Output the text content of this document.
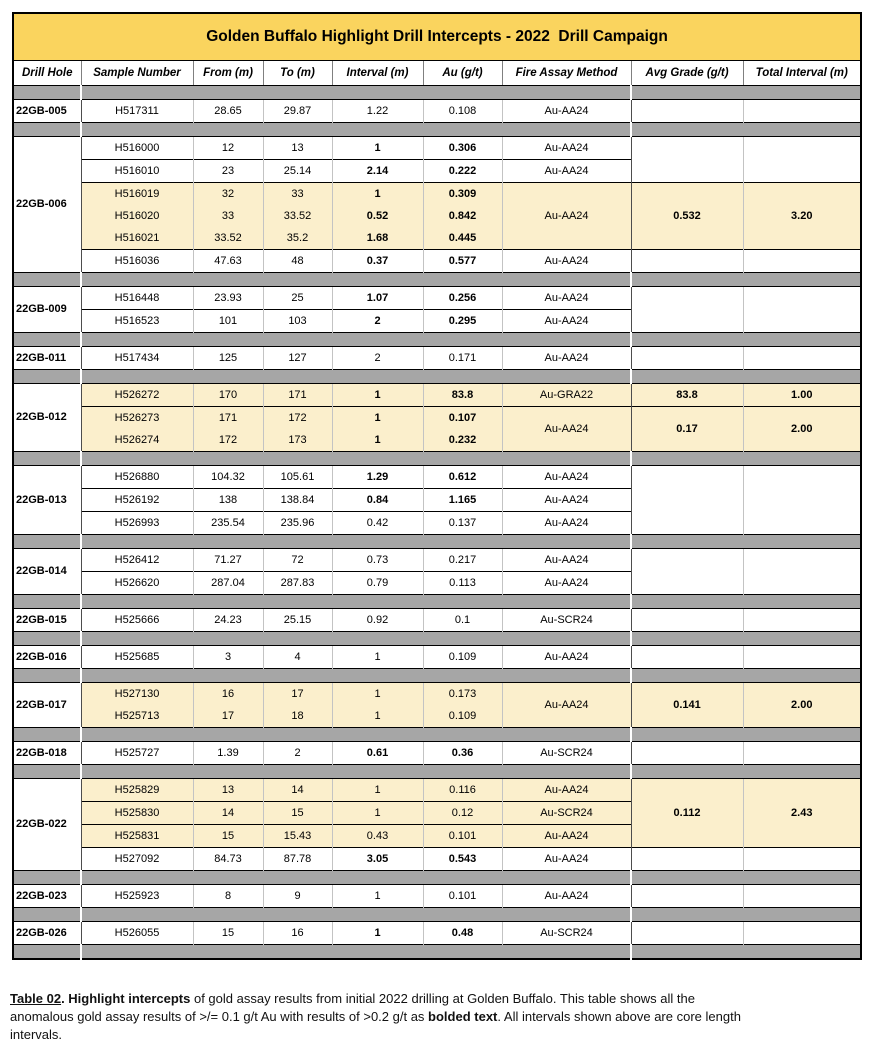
Golden Buffalo Highlight Drill Intercepts - 2022  Drill Campaign								
Drill Hole	Sample Number	From (m)	To (m)	Interval (m)	Au (g/t)	Fire Assay Method	Avg Grade (g/t)	Total Interval (m)

22GB-005	H517311	28.65	29.87	1.22	0.108	Au-AA24		

22GB-006	H516000	12	13	1	0.306	Au-AA24		
	H516010	23	25.14	2.14	0.222	Au-AA24		
	H516019	32	33	1	0.309	Au-AA24	0.532	3.20
	H516020	33	33.52	0.52	0.842			
	H516021	33.52	35.2	1.68	0.445			
	H516036	47.63	48	0.37	0.577	Au-AA24		

22GB-009	H516448	23.93	25	1.07	0.256	Au-AA24		
	H516523	101	103	2	0.295	Au-AA24		

22GB-011	H517434	125	127	2	0.171	Au-AA24		

22GB-012	H526272	170	171	1	83.8	Au-GRA22	83.8	1.00
	H526273	171	172	1	0.107	Au-AA24	0.17	2.00
	H526274	172	173	1	0.232			

22GB-013	H526880	104.32	105.61	1.29	0.612	Au-AA24		
	H526192	138	138.84	0.84	1.165	Au-AA24		
	H526993	235.54	235.96	0.42	0.137	Au-AA24		

22GB-014	H526412	71.27	72	0.73	0.217	Au-AA24		
	H526620	287.04	287.83	0.79	0.113	Au-AA24		

22GB-015	H525666	24.23	25.15	0.92	0.1	Au-SCR24		

22GB-016	H525685	3	4	1	0.109	Au-AA24		

22GB-017	H527130	16	17	1	0.173	Au-AA24	0.141	2.00
	H525713	17	18	1	0.109			

22GB-018	H525727	1.39	2	0.61	0.36	Au-SCR24		

22GB-022	H525829	13	14	1	0.116	Au-AA24	0.112	2.43
	H525830	14	15	1	0.12	Au-SCR24		
	H525831	15	15.43	0.43	0.101	Au-AA24		
	H527092	84.73	87.78	3.05	0.543	Au-AA24		

22GB-023	H525923	8	9	1	0.101	Au-AA24		

22GB-026	H526055	15	16	1	0.48	Au-SCR24		

Table 02. Highlight intercepts of gold assay results from initial 2022 drilling at Golden Buffalo. This table shows all the anomalous gold assay results of >/= 0.1 g/t Au with results of >0.2 g/t as bolded text. All intervals shown above are core length intervals.
